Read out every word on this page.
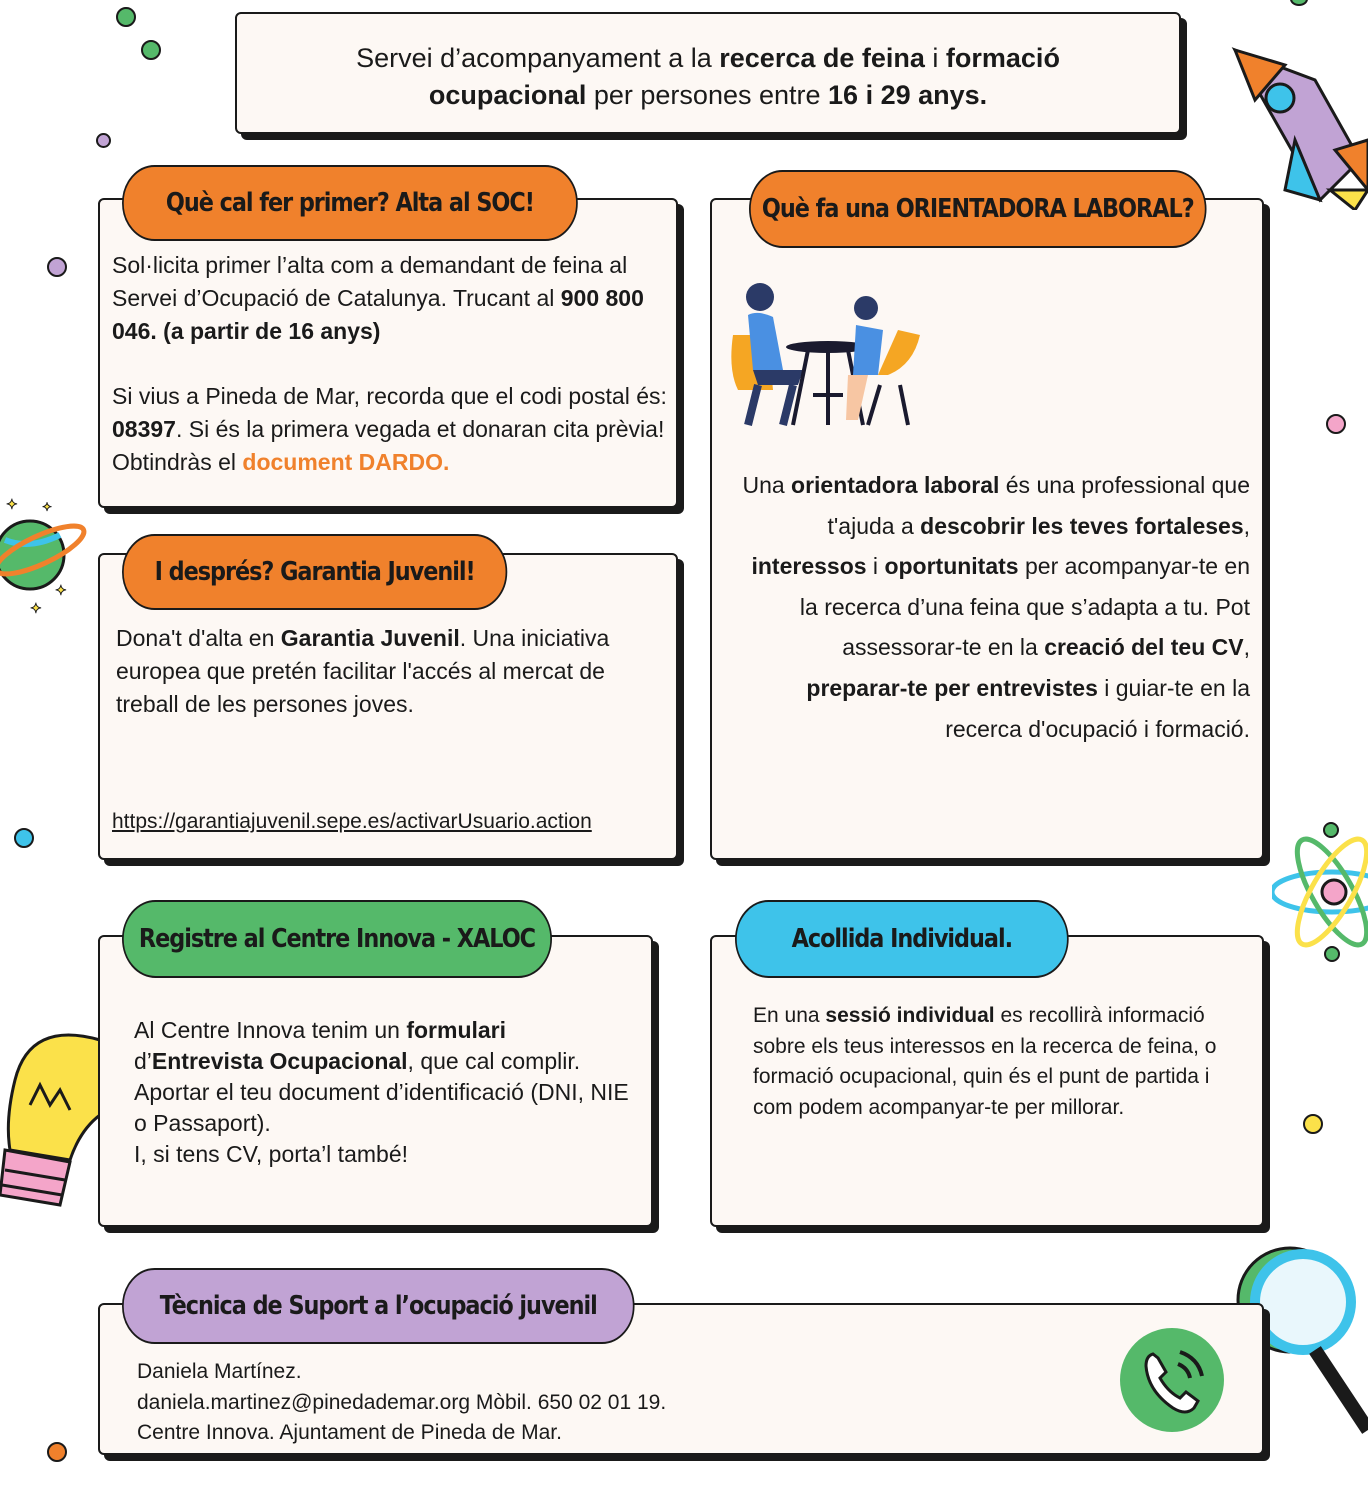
✦ ✦
✦
✦
Servei d’acompanyament a la recerca de feina i formació
ocupacional per persones entre 16 i 29 anys.
Què cal fer primer? Alta al SOC!
Sol·licita primer l’alta com a demandant de feina al Servei d’Ocupació de Catalunya. Trucant al 900 800 046. (a partir de 16 anys)
Si vius a Pineda de Mar, recorda que el codi postal és: 08397. Si és la primera vegada et donaran cita prèvia! Obtindràs el document DARDO.
I després? Garantia Juvenil!
Dona't d'alta en Garantia Juvenil. Una iniciativa europea que pretén facilitar l'accés al mercat de treball de les persones joves.
https://garantiajuvenil.sepe.es/activarUsuario.action
Què fa una ORIENTADORA LABORAL?
Una orientadora laboral és una professional que t'ajuda a descobrir les teves fortaleses, interessos i oportunitats per acompanyar-te en la recerca d’una feina que s’adapta a tu. Pot assessorar-te en la creació del teu CV, preparar-te per entrevistes i guiar-te en la recerca d'ocupació i formació.
Registre al Centre Innova - XALOC
Al Centre Innova tenim un formulari
d’Entrevista Ocupacional, que cal complir.
Aportar el teu document d’identificació (DNI, NIE o Passaport).
I, si tens CV, porta’l també!
Acollida Individual.
En una sessió individual es recollirà informació sobre els teus interessos en la recerca de feina, o formació ocupacional, quin és el punt de partida i com podem acompanyar-te per millorar.
Tècnica de Suport a l’ocupació juvenil
Daniela Martínez.
daniela.martinez@pinedademar.org Mòbil. 650 02 01 19.
Centre Innova. Ajuntament de Pineda de Mar.
